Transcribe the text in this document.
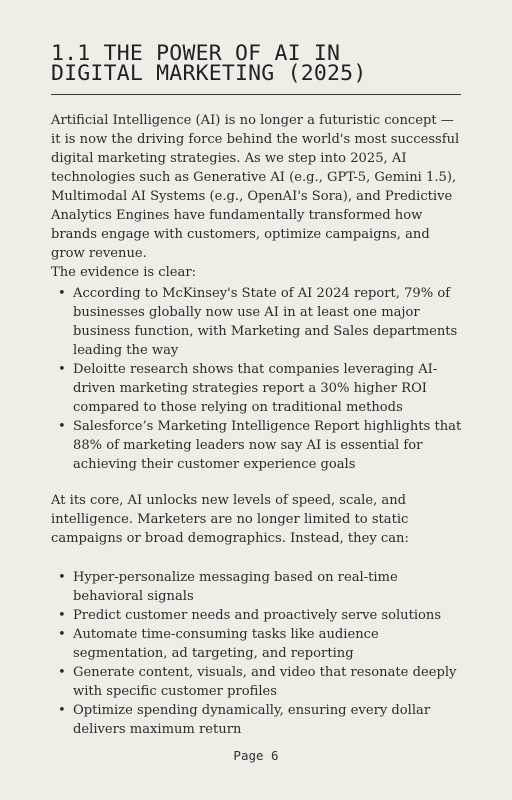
1.1 THE POWER OF AI IN
DIGITAL MARKETING (2025)

Artificial Intelligence (AI) is no longer a futuristic concept — it is now the driving force behind the world's most successful digital marketing strategies. As we step into 2025, AI technologies such as Generative AI (e.g., GPT-5, Gemini 1.5), Multimodal AI Systems (e.g., OpenAI's Sora), and Predictive Analytics Engines have fundamentally transformed how brands engage with customers, optimize campaigns, and grow revenue.

The evidence is clear:

• According to McKinsey's State of AI 2024 report, 79% of businesses globally now use AI in at least one major business function, with Marketing and Sales departments leading the way
• Deloitte research shows that companies leveraging AI-driven marketing strategies report a 30% higher ROI compared to those relying on traditional methods
• Salesforce’s Marketing Intelligence Report highlights that 88% of marketing leaders now say AI is essential for achieving their customer experience goals

At its core, AI unlocks new levels of speed, scale, and intelligence. Marketers are no longer limited to static campaigns or broad demographics. Instead, they can:

• Hyper-personalize messaging based on real-time behavioral signals
• Predict customer needs and proactively serve solutions
• Automate time-consuming tasks like audience segmentation, ad targeting, and reporting
• Generate content, visuals, and video that resonate deeply with specific customer profiles
• Optimize spending dynamically, ensuring every dollar delivers maximum return
Page 6
